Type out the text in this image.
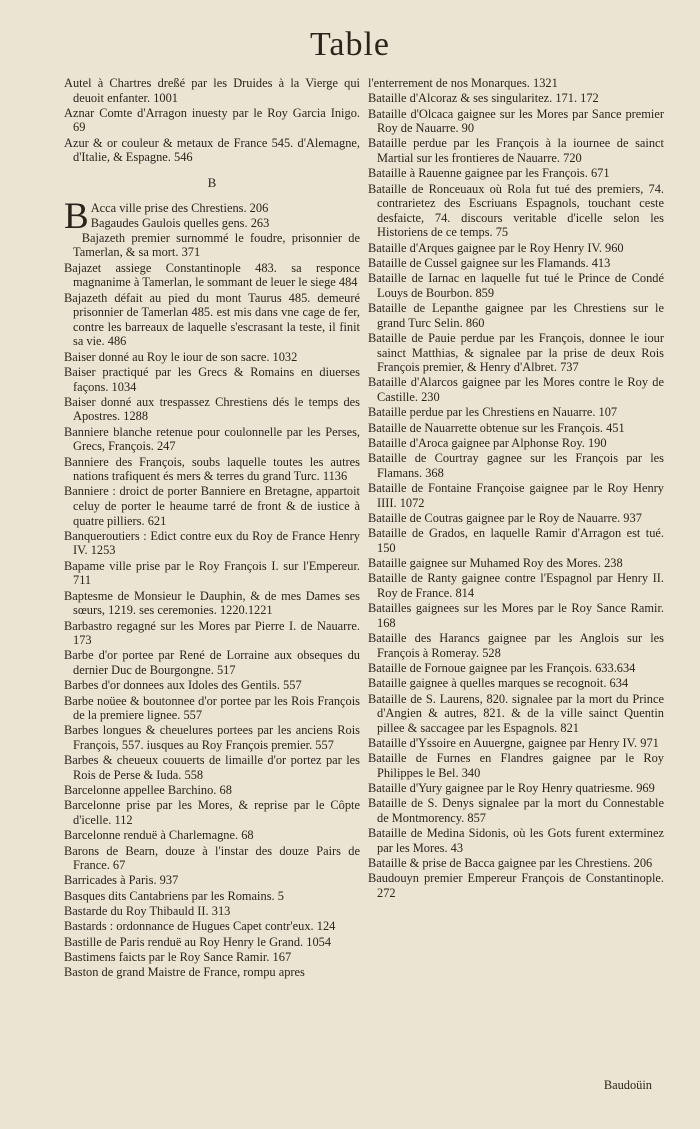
Table

Autel à Chartres dreßé par les Druides à la Vierge qui deuoit enfanter. 1001

Aznar Comte d'Arragon inuesty par le Roy Garcia Inigo. 69

Azur & or couleur & metaux de France 545. d'Alemagne, d'Italie, & Espagne. 546

B

B Acca ville prise des Chrestiens. 206
Bagaudes Gaulois quelles gens. 263

Bajazeth premier surnommé le foudre, prisonnier de Tamerlan, & sa mort. 371

Bajazet assiege Constantinople 483. sa responce magnanime à Tamerlan, le sommant de leuer le siege 484

Bajazeth défait au pied du mont Taurus 485. demeuré prisonnier de Tamerlan 485. est mis dans vne cage de fer, contre les barreaux de laquelle s'escrasant la teste, il finit sa vie. 486

Baiser donné au Roy le iour de son sacre. 1032

Baiser practiqué par les Grecs & Romains en diuerses façons. 1034

Baiser donné aux trespassez Chrestiens dés le temps des Apostres. 1288

Banniere blanche retenue pour coulonnelle par les Perses, Grecs, François. 247

Banniere des François, soubs laquelle toutes les autres nations trafiquent és mers & terres du grand Turc. 1136

Banniere : droict de porter Banniere en Bretagne, appartoit celuy de porter le heaume tarré de front & de iustice à quatre pilliers. 621

Banqueroutiers : Edict contre eux du Roy de France Henry IV. 1253

Bapame ville prise par le Roy François I. sur l'Empereur. 711

Baptesme de Monsieur le Dauphin, & de mes Dames ses sœurs, 1219. ses ceremonies. 1220.1221

Barbastro regagné sur les Mores par Pierre I. de Nauarre. 173

Barbe d'or portee par René de Lorraine aux obseques du dernier Duc de Bourgongne. 517

Barbes d'or donnees aux Idoles des Gentils. 557

Barbe noüee & boutonnee d'or portee par les Rois François de la premiere lignee. 557

Barbes longues & cheuelures portees par les anciens Rois François, 557. iusques au Roy François premier. 557

Barbes & cheueux couuerts de limaille d'or portez par les Rois de Perse & Iuda. 558

Barcelonne appellee Barchino. 68

Barcelonne prise par les Mores, & reprise par le Côpte d'icelle. 112

Barcelonne renduë à Charlemagne. 68

Barons de Bearn, douze à l'instar des douze Pairs de France. 67

Barricades à Paris. 937

Basques dits Cantabriens par les Romains. 5

Bastarde du Roy Thibauld II. 313

Bastards : ordonnance de Hugues Capet contr'eux. 124

Bastille de Paris renduë au Roy Henry le Grand. 1054

Bastimens faicts par le Roy Sance Ramir. 167

Baston de grand Maistre de France, rompu apres

l'enterrement de nos Monarques. 1321

Bataille d'Alcoraz & ses singularitez. 171. 172

Bataille d'Olcaca gaignee sur les Mores par Sance premier Roy de Nauarre. 90

Bataille perdue par les François à la iournee de sainct Martial sur les frontieres de Nauarre. 720

Bataille à Rauenne gaignee par les François. 671

Bataille de Ronceuaux où Rola fut tué des premiers, 74. contrarietez des Escriuans Espagnols, touchant ceste desfaicte, 74. discours veritable d'icelle selon les Historiens de ce temps. 75

Bataille d'Arques gaignee par le Roy Henry IV. 960

Bataille de Cussel gaignee sur les Flamands. 413

Bataille de Iarnac en laquelle fut tué le Prince de Condé Louys de Bourbon. 859

Bataille de Lepanthe gaignee par les Chrestiens sur le grand Turc Selin. 860

Bataille de Pauie perdue par les François, donnee le iour sainct Matthias, & signalee par la prise de deux Rois François premier, & Henry d'Albret. 737

Bataille d'Alarcos gaignee par les Mores contre le Roy de Castille. 230

Bataille perdue par les Chrestiens en Nauarre. 107

Bataille de Nauarrette obtenue sur les François. 451

Bataille d'Aroca gaignee par Alphonse Roy. 190

Bataille de Courtray gagnee sur les François par les Flamans. 368

Bataille de Fontaine Françoise gaignee par le Roy Henry IIII. 1072

Bataille de Coutras gaignee par le Roy de Nauarre. 937

Bataille de Grados, en laquelle Ramir d'Arragon est tué. 150

Bataille gaignee sur Muhamed Roy des Mores. 238

Bataille de Ranty gaignee contre l'Espagnol par Henry II. Roy de France. 814

Batailles gaignees sur les Mores par le Roy Sance Ramir. 168

Bataille des Harancs gaignee par les Anglois sur les François à Romeray. 528

Bataille de Fornoue gaignee par les François. 633.634

Bataille gaignee à quelles marques se recognoit. 634

Bataille de S. Laurens, 820. signalee par la mort du Prince d'Angien & autres, 821. & de la ville sainct Quentin pillee & saccagee par les Espagnols. 821

Bataille d'Yssoire en Auuergne, gaignee par Henry IV. 971

Bataille de Furnes en Flandres gaignee par le Roy Philippes le Bel. 340

Bataille d'Yury gaignee par le Roy Henry quatriesme. 969

Bataille de S. Denys signalee par la mort du Connestable de Montmorency. 857

Bataille de Medina Sidonis, où les Gots furent exterminez par les Mores. 43

Bataille & prise de Bacca gaignee par les Chrestiens. 206

Baudouyn premier Empereur François de Constantinople. 272

Baudoüin
